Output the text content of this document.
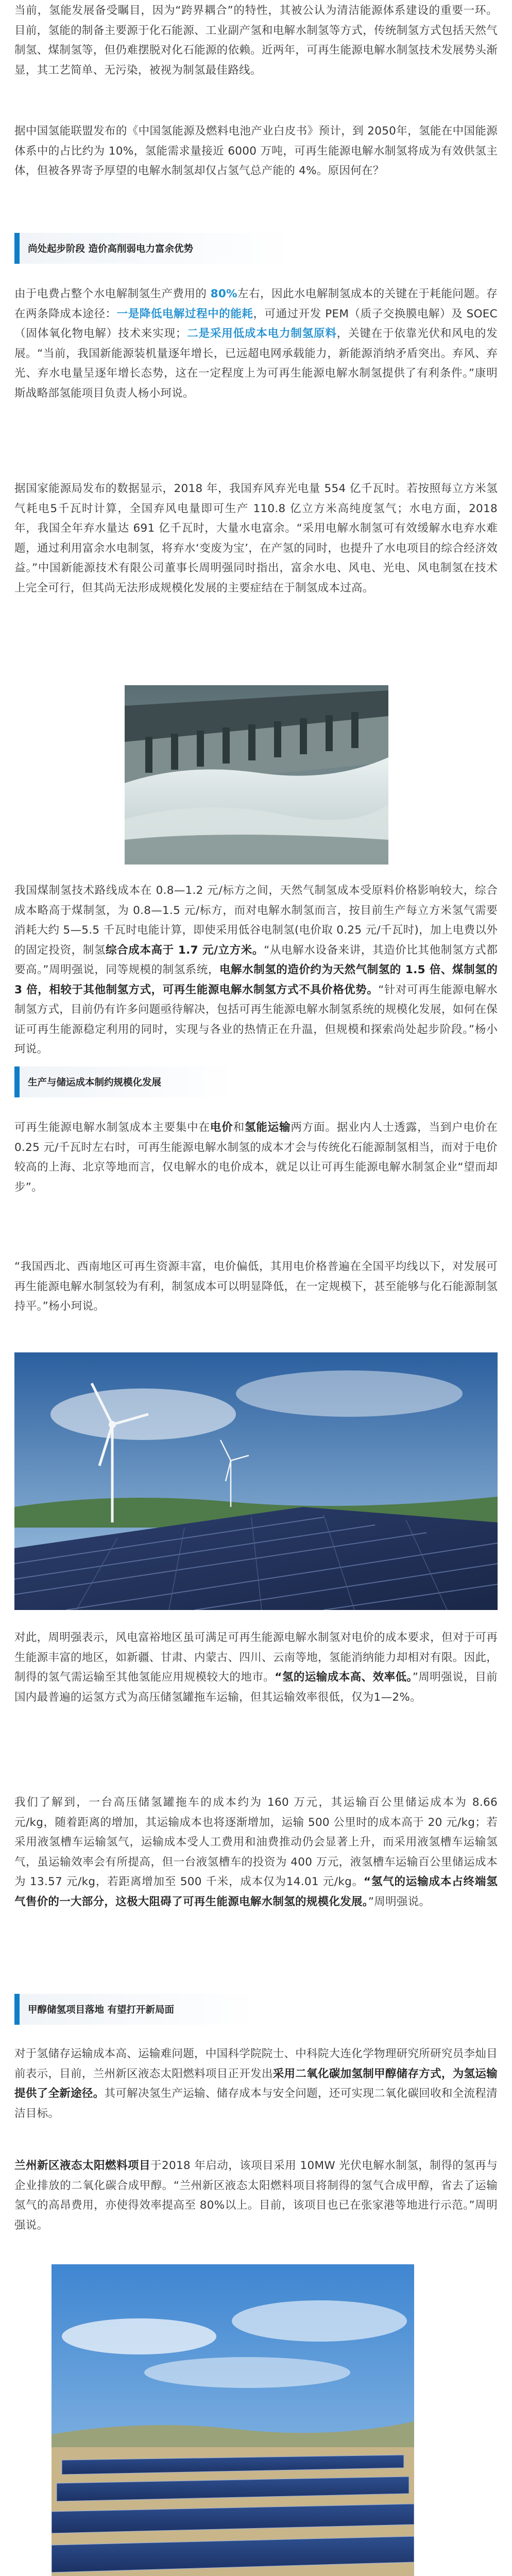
当前，氢能发展备受瞩目，因为“跨界耦合”的特性，其被公认为清洁能源体系建设的重要一环。目前，氢能的制备主要源于化石能源、工业副产氢和电解水制氢等方式，传统制氢方式包括天然气制氢、煤制氢等，但仍难摆脱对化石能源的依赖。近两年，可再生能源电解水制氢技术发展势头渐显，其工艺简单、无污染，被视为制氢最佳路线。
据中国氢能联盟发布的《中国氢能源及燃料电池产业白皮书》预计，到 2050年，氢能在中国能源体系中的占比约为 10%，氢能需求量接近 6000 万吨，可再生能源电解水制氢将成为有效供氢主体，但被各界寄予厚望的电解水制氢却仅占氢气总产能的 4%。原因何在？
尚处起步阶段 造价高削弱电力富余优势
由于电费占整个水电解制氢生产费用的 80%左右，因此水电解制氢成本的关键在于耗能问题。存在两条降成本途径：一是降低电解过程中的能耗，可通过开发 PEM（质子交换膜电解）及 SOEC（固体氧化物电解）技术来实现；二是采用低成本电力制氢原料，关键在于依靠光伏和风电的发展。“当前，我国新能源装机量逐年增长，已远超电网承载能力，新能源消纳矛盾突出。弃风、弃光、弃水电量呈逐年增长态势，这在一定程度上为可再生能源电解水制氢提供了有利条件。”康明斯战略部氢能项目负责人杨小珂说。
据国家能源局发布的数据显示，2018 年，我国弃风弃光电量 554 亿千瓦时。若按照每立方米氢气耗电5千瓦时计算，全国弃风电量即可生产 110.8 亿立方米高纯度氢气；水电方面，2018 年，我国全年弃水量达 691 亿千瓦时，大量水电富余。“采用电解水制氢可有效缓解水电弃水难题，通过利用富余水电制氢，将弃水‘变废为宝’，在产氢的同时，也提升了水电项目的综合经济效益。”中国新能源技术有限公司董事长周明强同时指出，富余水电、风电、光电、风电制氢在技术上完全可行，但其尚无法形成规模化发展的主要症结在于制氢成本过高。
我国煤制氢技术路线成本在 0.8—1.2 元/标方之间，天然气制氢成本受原料价格影响较大，综合成本略高于煤制氢，为 0.8—1.5 元/标方，而对电解水制氢而言，按目前生产每立方米氢气需要消耗大约 5—5.5 千瓦时电能计算，即使采用低谷电制氢(电价取 0.25 元/千瓦时)，加上电费以外的固定投资，制氢综合成本高于 1.7 元/立方米。“从电解水设备来讲，其造价比其他制氢方式都要高。”周明强说，同等规模的制氢系统，电解水制氢的造价约为天然气制氢的 1.5 倍、煤制氢的 3 倍，相较于其他制氢方式，可再生能源电解水制氢方式不具价格优势。“针对可再生能源电解水制氢方式，目前仍有许多问题亟待解决，包括可再生能源电解水制氢系统的规模化发展，如何在保证可再生能源稳定利用的同时，实现与各业的热情正在升温，但规模和探索尚处起步阶段。”杨小珂说。
生产与储运成本制约规模化发展
可再生能源电解水制氢成本主要集中在电价和氢能运输两方面。据业内人士透露，当到户电价在 0.25 元/千瓦时左右时，可再生能源电解水制氢的成本才会与传统化石能源制氢相当，而对于电价较高的上海、北京等地而言，仅电解水的电价成本，就足以让可再生能源电解水制氢企业“望而却步”。
“我国西北、西南地区可再生资源丰富，电价偏低，其用电价格普遍在全国平均线以下，对发展可再生能源电解水制氢较为有利，制氢成本可以明显降低，在一定规模下，甚至能够与化石能源制氢持平。”杨小珂说。
对此，周明强表示，风电富裕地区虽可满足可再生能源电解水制氢对电价的成本要求，但对于可再生能源丰富的地区，如新疆、甘肃、内蒙古、四川、云南等地，氢能消纳能力却相对有限。因此，制得的氢气需运输至其他氢能应用规模较大的地市。“氢的运输成本高、效率低。”周明强说，目前国内最普遍的运氢方式为高压储氢罐拖车运输，但其运输效率很低，仅为1—2%。
我们了解到，一台高压储氢罐拖车的成本约为 160 万元，其运输百公里储运成本为 8.66 元/kg，随着距离的增加，其运输成本也将逐渐增加，运输 500 公里时的成本高于 20 元/kg；若采用液氢槽车运输氢气，运输成本受人工费用和油费推动仍会显著上升，而采用液氢槽车运输氢气，虽运输效率会有所提高，但一台液氢槽车的投资为 400 万元，液氢槽车运输百公里储运成本为 13.57 元/kg，若距离增加至 500 千米，成本仅为14.01 元/kg。“氢气的运输成本占终端氢气售价的一大部分，这极大阻碍了可再生能源电解水制氢的规模化发展。”周明强说。
甲醇储氢项目落地 有望打开新局面
对于氢储存运输成本高、运输难问题，中国科学院院士、中科院大连化学物理研究所研究员李灿目前表示，目前，兰州新区液态太阳燃料项目正开发出采用二氧化碳加氢制甲醇储存方式，为氢运输提供了全新途径。其可解决氢生产运输、储存成本与安全问题，还可实现二氧化碳回收和全流程清洁目标。
兰州新区液态太阳燃料项目于2018 年启动，该项目采用 10MW 光伏电解水制氢，制得的氢再与企业排放的二氧化碳合成甲醇。“兰州新区液态太阳燃料项目将制得的氢气合成甲醇，省去了运输氢气的高昂费用，亦使得效率提高至 80%以上。目前，该项目也已在张家港等地进行示范。”周明强说。
